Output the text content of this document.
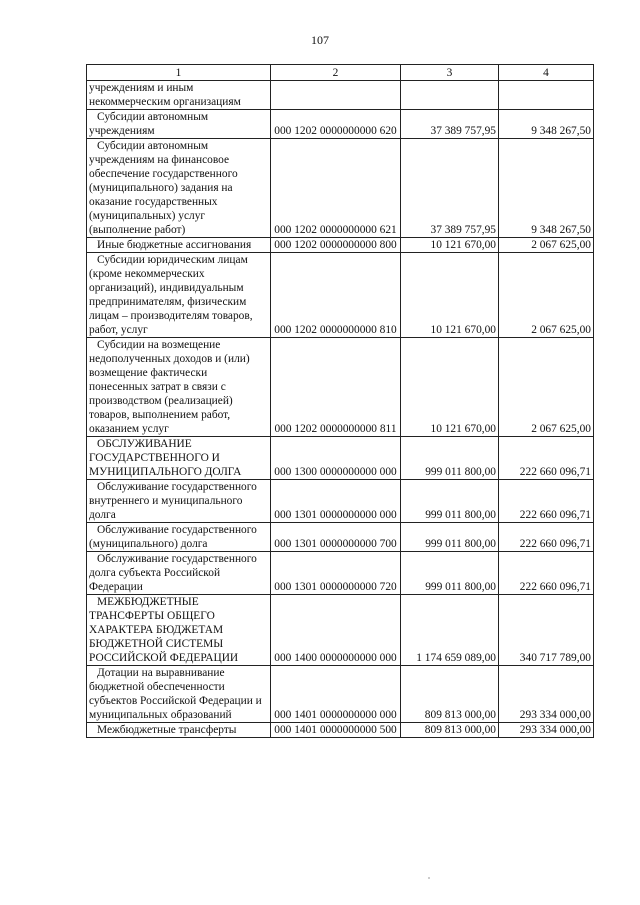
107
1	2	3	4
учреждениям и иным некоммерческим организациям			
Субсидии автономным учреждениям	000 1202 0000000000 620	37 389 757,95	9 348 267,50
Субсидии автономным учреждениям на финансовое обеспечение государственного (муниципального) задания на оказание государственных (муниципальных) услуг (выполнение работ)	000 1202 0000000000 621	37 389 757,95	9 348 267,50
Иные бюджетные ассигнования	000 1202 0000000000 800	10 121 670,00	2 067 625,00
Субсидии юридическим лицам (кроме некоммерческих организаций), индивидуальным предпринимателям, физическим лицам – производителям товаров, работ, услуг	000 1202 0000000000 810	10 121 670,00	2 067 625,00
Субсидии на возмещение недополученных доходов и (или) возмещение фактически понесенных затрат в связи с производством (реализацией) товаров, выполнением работ, оказанием услуг	000 1202 0000000000 811	10 121 670,00	2 067 625,00
ОБСЛУЖИВАНИЕ ГОСУДАРСТВЕННОГО И МУНИЦИПАЛЬНОГО ДОЛГА	000 1300 0000000000 000	999 011 800,00	222 660 096,71
Обслуживание государственного внутреннего и муниципального долга	000 1301 0000000000 000	999 011 800,00	222 660 096,71
Обслуживание государственного (муниципального) долга	000 1301 0000000000 700	999 011 800,00	222 660 096,71
Обслуживание государственного долга субъекта Российской Федерации	000 1301 0000000000 720	999 011 800,00	222 660 096,71
МЕЖБЮДЖЕТНЫЕ ТРАНСФЕРТЫ ОБЩЕГО ХАРАКТЕРА БЮДЖЕТАМ БЮДЖЕТНОЙ СИСТЕМЫ РОССИЙСКОЙ ФЕДЕРАЦИИ	000 1400 0000000000 000	1 174 659 089,00	340 717 789,00
Дотации на выравнивание бюджетной обеспеченности субъектов Российской Федерации и муниципальных образований	000 1401 0000000000 000	809 813 000,00	293 334 000,00
Межбюджетные трансферты	000 1401 0000000000 500	809 813 000,00	293 334 000,00
